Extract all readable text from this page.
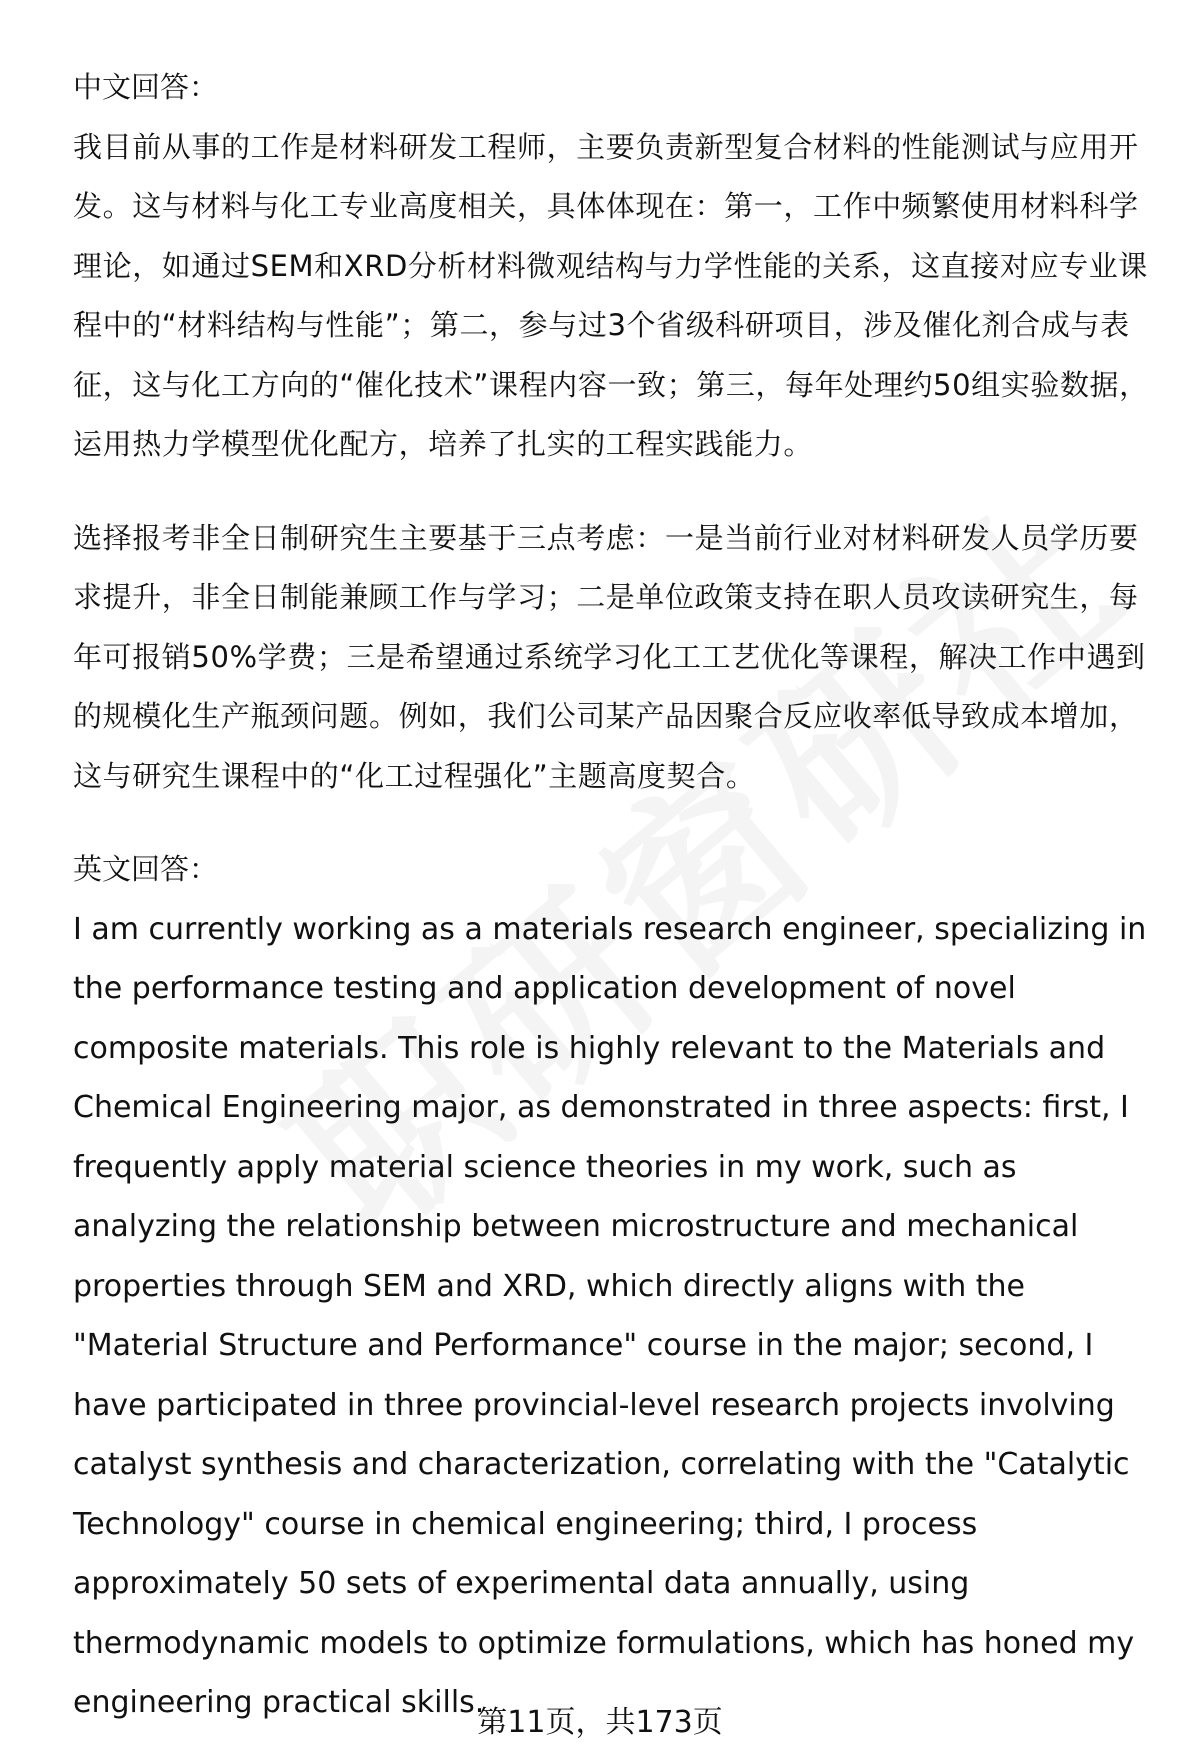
中文回答：

我目前从事的工作是材料研发工程师，主要负责新型复合材料的性能测试与应用开发。这与材料与化工专业高度相关，具体体现在：第一，工作中频繁使用材料科学理论，如通过SEM和XRD分析材料微观结构与力学性能的关系，这直接对应专业课程中的“材料结构与性能”；第二，参与过3个省级科研项目，涉及催化剂合成与表征，这与化工方向的“催化技术”课程内容一致；第三，每年处理约50组实验数据，运用热力学模型优化配方，培养了扎实的工程实践能力。

选择报考非全日制研究生主要基于三点考虑：一是当前行业对材料研发人员学历要求提升，非全日制能兼顾工作与学习；二是单位政策支持在职人员攻读研究生，每年可报销50%学费；三是希望通过系统学习化工工艺优化等课程，解决工作中遇到的规模化生产瓶颈问题。例如，我们公司某产品因聚合反应收率低导致成本增加，这与研究生课程中的“化工过程强化”主题高度契合。

英文回答：

I am currently working as a materials research engineer, specializing in the performance testing and application development of novel composite materials. This role is highly relevant to the Materials and Chemical Engineering major, as demonstrated in three aspects: first, I frequently apply material science theories in my work, such as analyzing the relationship between microstructure and mechanical properties through SEM and XRD, which directly aligns with the "Material Structure and Performance" course in the major; second, I have participated in three provincial-level research projects involving catalyst synthesis and characterization, correlating with the "Catalytic Technology" course in chemical engineering; third, I process approximately 50 sets of experimental data annually, using thermodynamic models to optimize formulations, which has honed my engineering practical skills.

第11页，共173页
